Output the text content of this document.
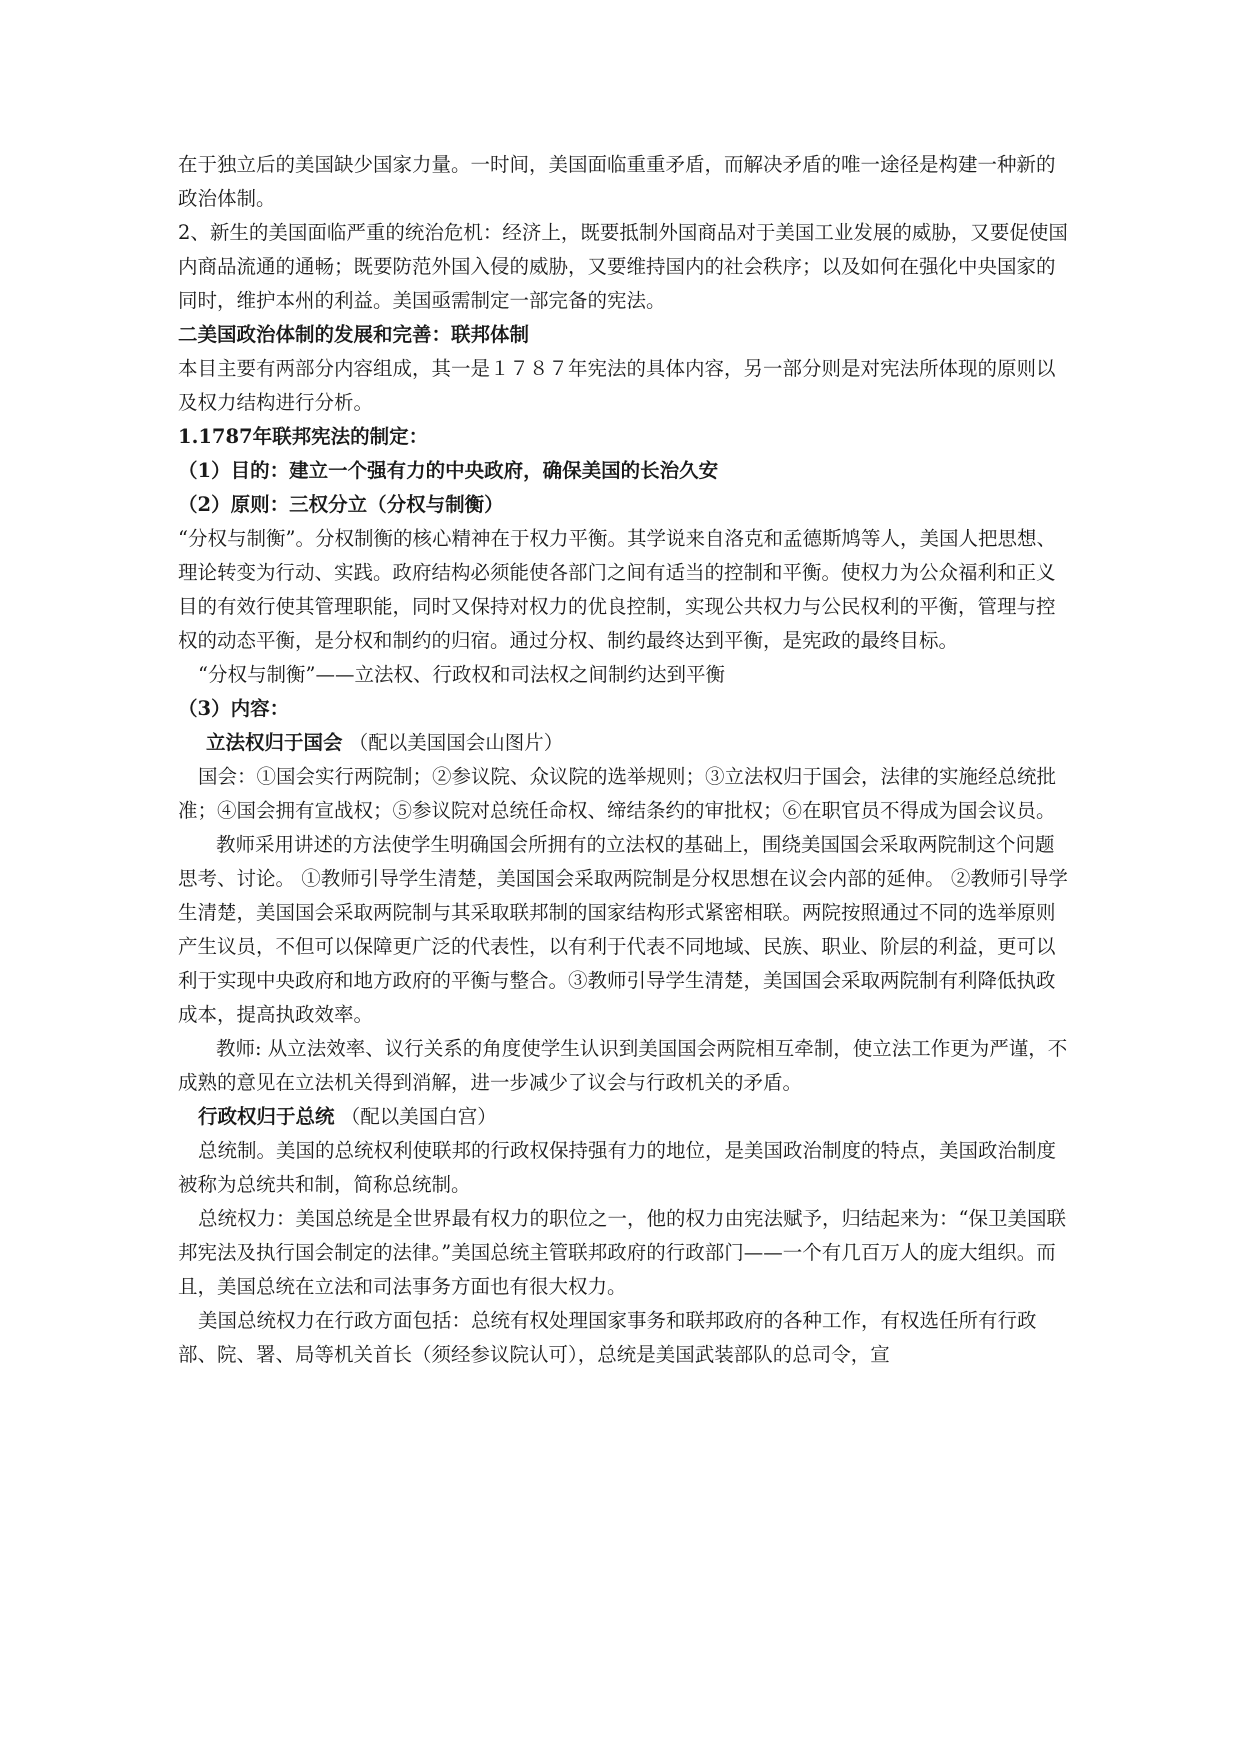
在于独立后的美国缺少国家力量。一时间，美国面临重重矛盾，而解决矛盾的唯一途径是构建一种新的政治体制。

2、新生的美国面临严重的统治危机：经济上，既要抵制外国商品对于美国工业发展的威胁，又要促使国内商品流通的通畅；既要防范外国入侵的威胁，又要维持国内的社会秩序；以及如何在强化中央国家的同时，维护本州的利益。美国亟需制定一部完备的宪法。

二美国政治体制的发展和完善：联邦体制

本目主要有两部分内容组成，其一是１７８７年宪法的具体内容，另一部分则是对宪法所体现的原则以及权力结构进行分析。

1.1787年联邦宪法的制定：

（1）目的：建立一个强有力的中央政府，确保美国的长治久安

（2）原则：三权分立（分权与制衡）

“分权与制衡”。分权制衡的核心精神在于权力平衡。其学说来自洛克和孟德斯鸠等人，美国人把思想、理论转变为行动、实践。政府结构必须能使各部门之间有适当的控制和平衡。使权力为公众福利和正义目的有效行使其管理职能，同时又保持对权力的优良控制，实现公共权力与公民权利的平衡，管理与控权的动态平衡，是分权和制约的归宿。通过分权、制约最终达到平衡，是宪政的最终目标。

“分权与制衡”——立法权、行政权和司法权之间制约达到平衡

（3）内容：

立法权归于国会 （配以美国国会山图片）

国会：①国会实行两院制；②参议院、众议院的选举规则；③立法权归于国会，法律的实施经总统批准；④国会拥有宣战权；⑤参议院对总统任命权、缔结条约的审批权；⑥在职官员不得成为国会议员。

教师采用讲述的方法使学生明确国会所拥有的立法权的基础上，围绕美国国会采取两院制这个问题思考、讨论。 ①教师引导学生清楚，美国国会采取两院制是分权思想在议会内部的延伸。 ②教师引导学生清楚，美国国会采取两院制与其采取联邦制的国家结构形式紧密相联。两院按照通过不同的选举原则产生议员，不但可以保障更广泛的代表性，以有利于代表不同地域、民族、职业、阶层的利益，更可以利于实现中央政府和地方政府的平衡与整合。③教师引导学生清楚，美国国会采取两院制有利降低执政成本，提高执政效率。

教师: 从立法效率、议行关系的角度使学生认识到美国国会两院相互牵制，使立法工作更为严谨，不成熟的意见在立法机关得到消解，进一步减少了议会与行政机关的矛盾。

行政权归于总统 （配以美国白宫）

总统制。美国的总统权利使联邦的行政权保持强有力的地位，是美国政治制度的特点，美国政治制度被称为总统共和制，简称总统制。

总统权力：美国总统是全世界最有权力的职位之一，他的权力由宪法赋予，归结起来为：“保卫美国联邦宪法及执行国会制定的法律。”美国总统主管联邦政府的行政部门——一个有几百万人的庞大组织。而且，美国总统在立法和司法事务方面也有很大权力。

美国总统权力在行政方面包括：总统有权处理国家事务和联邦政府的各种工作，有权选任所有行政部、院、署、局等机关首长（须经参议院认可），总统是美国武装部队的总司令，宣
